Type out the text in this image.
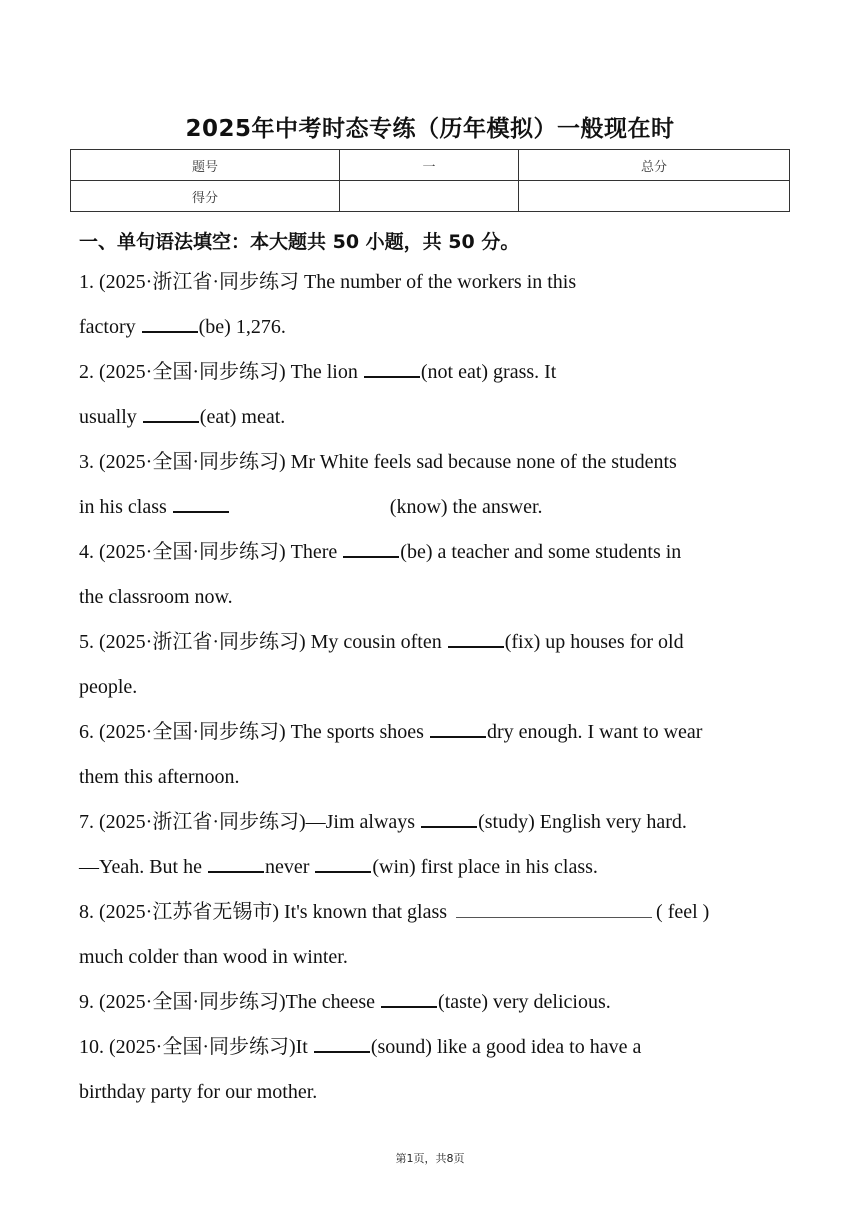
2025年中考时态专练（历年模拟）一般现在时
题号	一	总分
得分		
一、单句语法填空：本大题共 50 小题，共 50 分。
1. (2025·浙江省·同步练习 The number of the workers in this
factory	(be) 1,276.
2. (2025·全国·同步练习) The lion	(not eat) grass. It
usually	(eat) meat.
3. (2025·全国·同步练习) Mr White feels sad because none of the students
in his class	(know) the answer.
4. (2025·全国·同步练习) There	(be) a teacher and some students in
the classroom now.
5. (2025·浙江省·同步练习) My cousin often	(fix) up houses for old
people.
6. (2025·全国·同步练习) The sports shoes	dry enough. I want to wear
them this afternoon.
7. (2025·浙江省·同步练习)—Jim always	(study) English very hard.
—Yeah. But he	never	(win) first place in his class.
8. (2025·江苏省无锡市) It's known that glass	( feel )
much colder than wood in winter.
9. (2025·全国·同步练习)The cheese	(taste) very delicious.
10. (2025·全国·同步练习)It	(sound) like a good idea to have a
birthday party for our mother.
第1页，共8页
